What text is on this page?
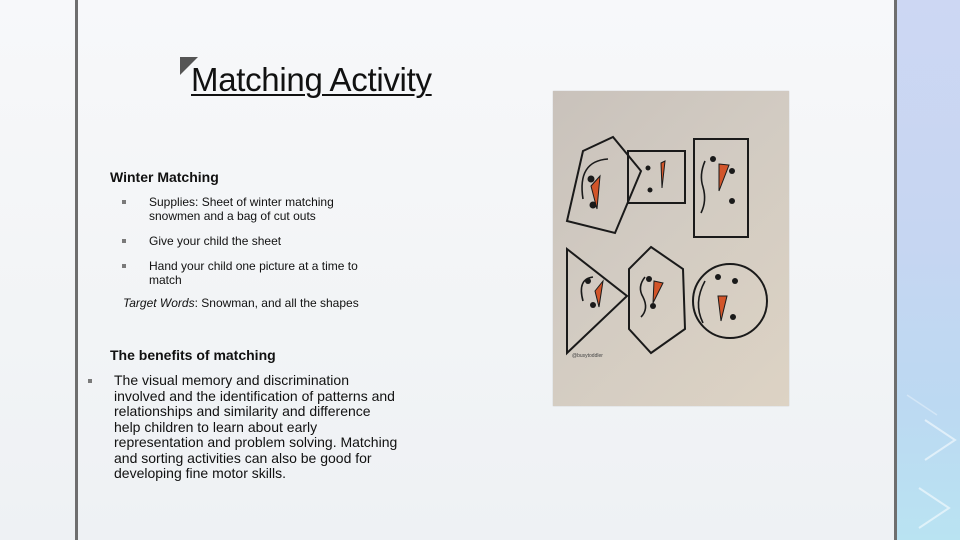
Matching Activity
Winter Matching
Supplies: Sheet of winter matching snowmen and a bag of cut outs
Give your child the sheet
Hand your child one picture at a time to match
Target Words: Snowman, and all the shapes
The benefits of matching

The visual memory and discrimination involved and the identification of patterns and relationships and similarity and difference help children to learn about early representation and problem solving. Matching and sorting activities can also be good for developing fine motor skills.

@busytoddler
